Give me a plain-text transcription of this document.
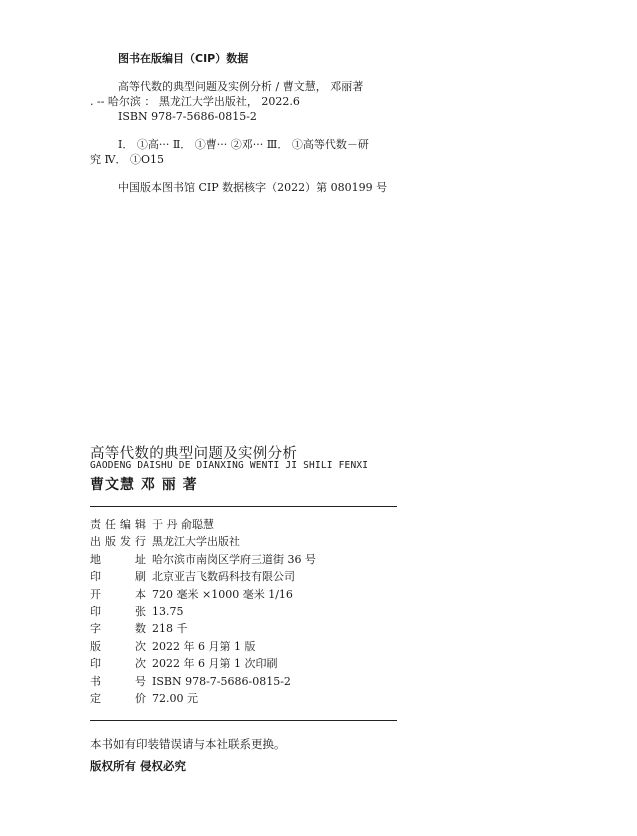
图书在版编目（CIP）数据
高等代数的典型问题及实例分析 / 曹文慧， 邓丽著
. -- 哈尔滨 ： 黑龙江大学出版社， 2022.6
ISBN 978-7-5686-0815-2
Ⅰ． ①高··· Ⅱ． ①曹··· ②邓··· Ⅲ． ①高等代数－研
究 Ⅳ． ①O15
中国版本图书馆 CIP 数据核字（2022）第 080199 号
高等代数的典型问题及实例分析
GAODENG DAISHU DE DIANXING WENTI JI SHILI FENXI
曹文慧 邓 丽 著
责 任 编 辑 于 丹 俞聪慧
出 版 发 行 黑龙江大学出版社
地	址 哈尔滨市南岗区学府三道街 36 号
印	刷 北京亚吉飞数码科技有限公司
开	本 720 毫米 ×1000 毫米 1/16
印	张 13.75
字	数 218 千
版	次 2022 年 6 月第 1 版
印	次 2022 年 6 月第 1 次印刷
书	号 ISBN 978-7-5686-0815-2
定	价 72.00 元
本书如有印装错误请与本社联系更换。
版权所有 侵权必究
